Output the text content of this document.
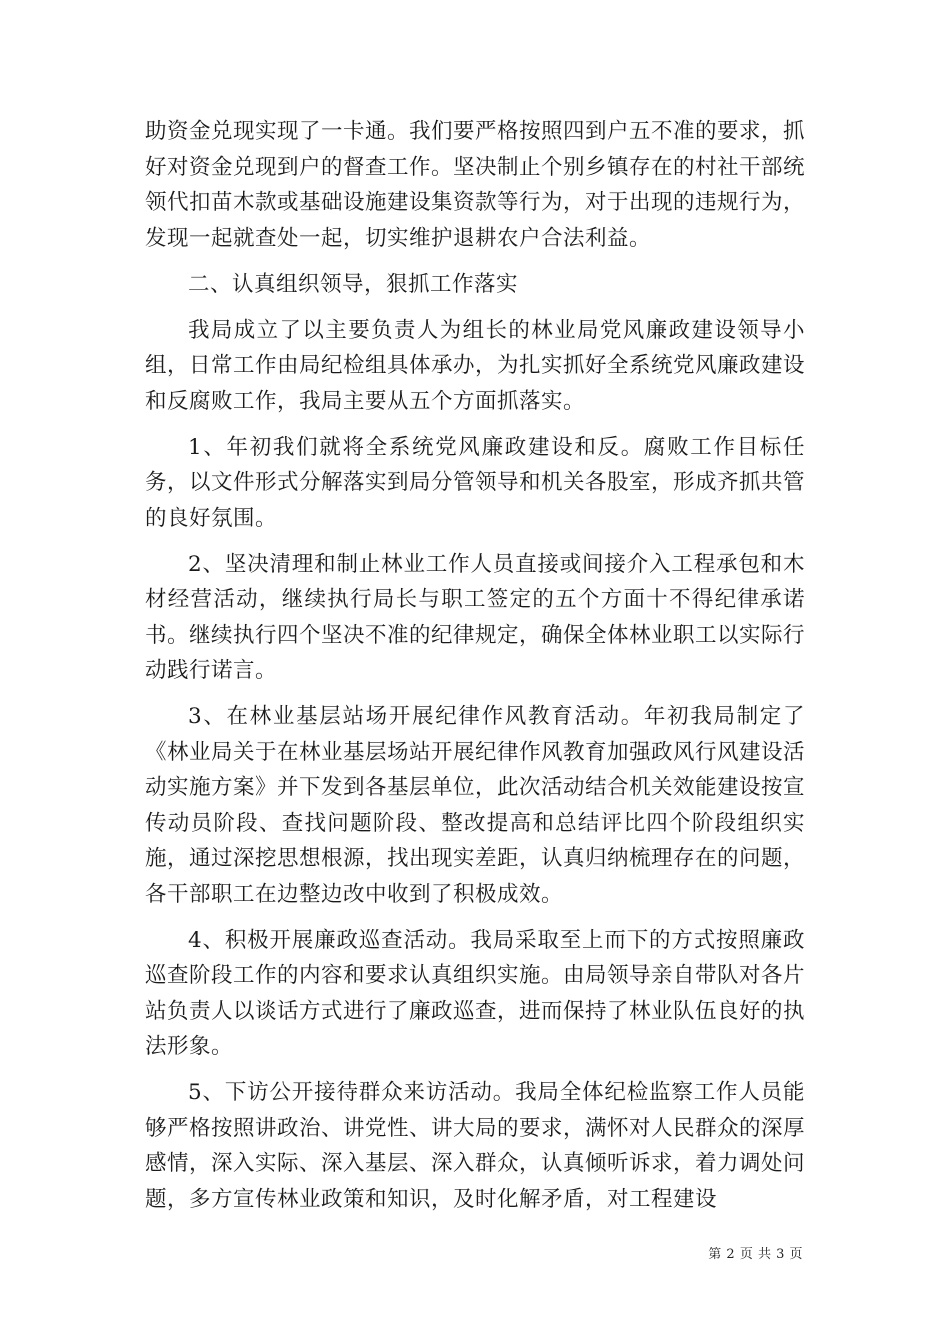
助资金兑现实现了一卡通。我们要严格按照四到户五不准的要求，抓好对资金兑现到户的督查工作。坚决制止个别乡镇存在的村社干部统领代扣苗木款或基础设施建设集资款等行为，对于出现的违规行为，发现一起就查处一起，切实维护退耕农户合法利益。

二、认真组织领导，狠抓工作落实

我局成立了以主要负责人为组长的林业局党风廉政建设领导小组，日常工作由局纪检组具体承办，为扎实抓好全系统党风廉政建设和反腐败工作，我局主要从五个方面抓落实。

1、年初我们就将全系统党风廉政建设和反。腐败工作目标任务，以文件形式分解落实到局分管领导和机关各股室，形成齐抓共管的良好氛围。

2、坚决清理和制止林业工作人员直接或间接介入工程承包和木材经营活动，继续执行局长与职工签定的五个方面十不得纪律承诺书。继续执行四个坚决不准的纪律规定，确保全体林业职工以实际行动践行诺言。

3、在林业基层站场开展纪律作风教育活动。年初我局制定了《林业局关于在林业基层场站开展纪律作风教育加强政风行风建设活动实施方案》并下发到各基层单位，此次活动结合机关效能建设按宣传动员阶段、查找问题阶段、整改提高和总结评比四个阶段组织实施，通过深挖思想根源，找出现实差距，认真归纳梳理存在的问题，各干部职工在边整边改中收到了积极成效。

4、积极开展廉政巡查活动。我局采取至上而下的方式按照廉政巡查阶段工作的内容和要求认真组织实施。由局领导亲自带队对各片站负责人以谈话方式进行了廉政巡查，进而保持了林业队伍良好的执法形象。

5、下访公开接待群众来访活动。我局全体纪检监察工作人员能够严格按照讲政治、讲党性、讲大局的要求，满怀对人民群众的深厚感情，深入实际、深入基层、深入群众，认真倾听诉求，着力调处问题，多方宣传林业政策和知识，及时化解矛盾，对工程建设

第 2 页 共 3 页
